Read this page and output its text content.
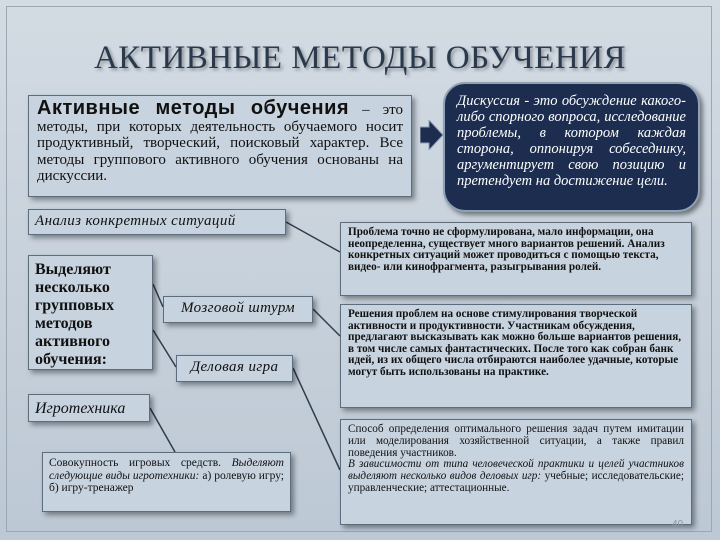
АКТИВНЫЕ МЕТОДЫ ОБУЧЕНИЯ
Активные методы обучения – это методы, при которых деятельность обучаемого носит продуктивный, творческий, поисковый характер. Все методы группового активного обучения основаны на дискуссии.
Дискуссия - это обсуждение какого-либо спорного вопроса, исследование проблемы, в котором каждая сторона, оппонируя собеседнику, аргументирует свою позицию и претендует на достижение цели.
Анализ конкретных ситуаций
Выделяют несколько групповых методов активного обучения:
Мозговой штурм
Деловая игра
Игротехника
Совокупность игровых средств. Выделяют следующие виды игротехники: а) ролевую игру; б) игру-тренажер
Проблема точно не сформулирована, мало информации, она неопределенна, существует много вариантов решений. Анализ конкретных ситуаций может проводиться с помощью текста, видео- или кинофрагмента, разыгрывания ролей.
Решения проблем на основе стимулирования творческой активности и продуктивности. Участникам обсуждения, предлагают высказывать как можно больше вариантов решения, в том числе самых фантастических. После того как собран банк идей, из их общего числа отбираются наиболее удачные, которые могут быть использованы на практике.
Способ определения оптимального решения задач путем имитации или моделирования хозяйственной ситуации, а также правил поведения участников.
В зависимости от типа человеческой практики и целей участников выделяют несколько видов деловых игр: учебные; исследовательские; управленческие; аттестационные.
40
